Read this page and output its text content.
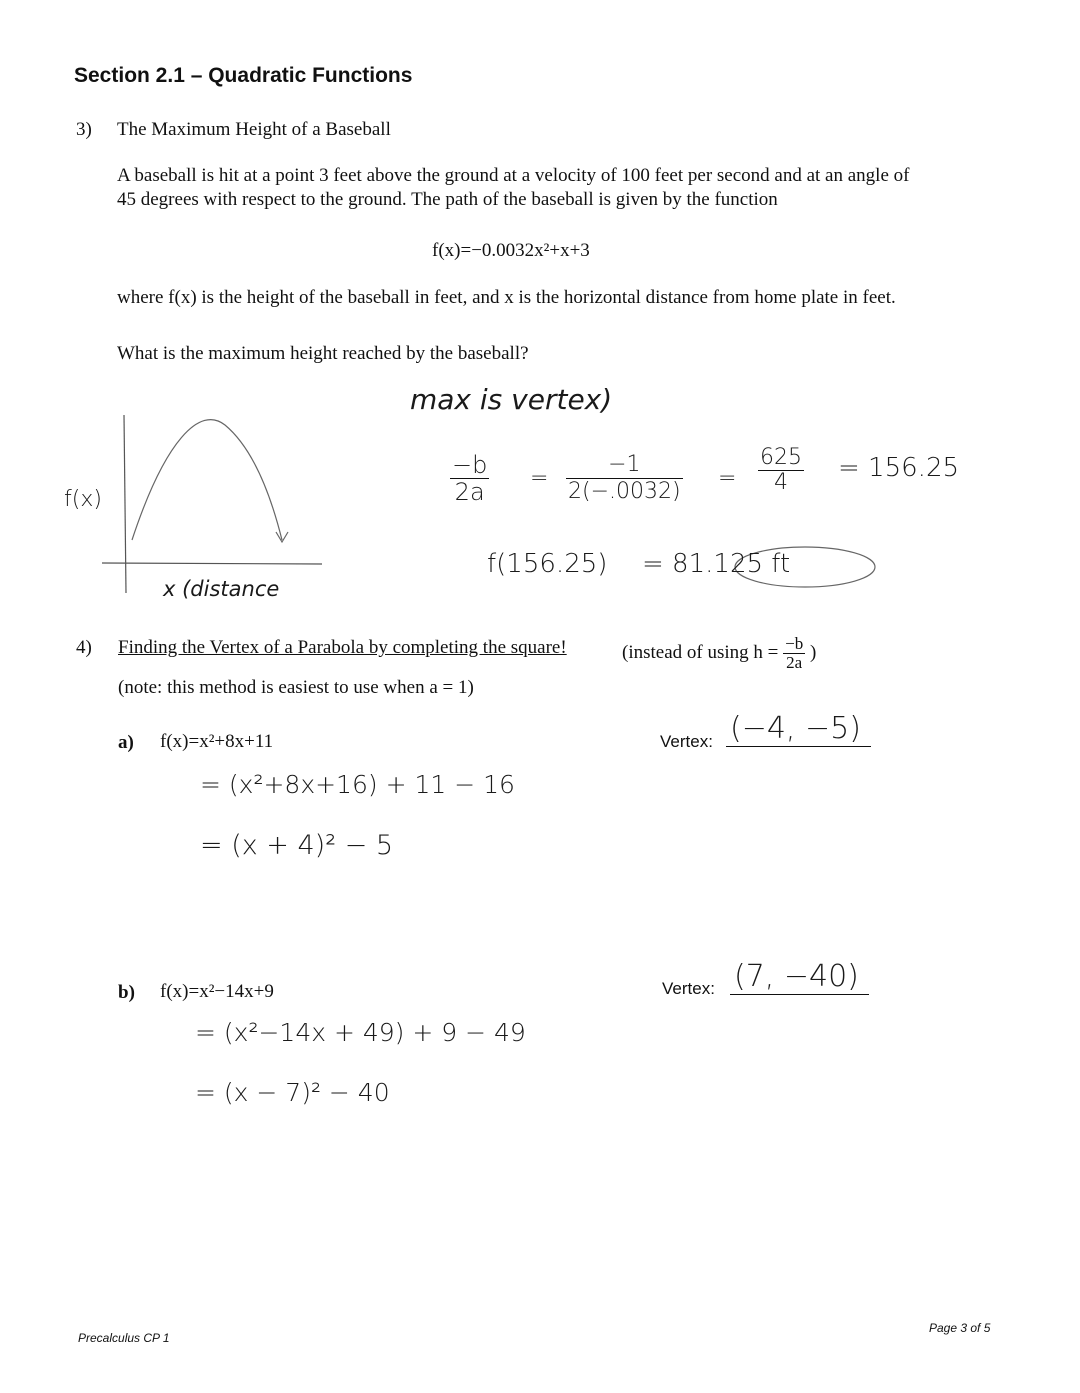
Section 2.1 – Quadratic Functions
3) The Maximum Height of a Baseball
A baseball is hit at a point 3 feet above the ground at a velocity of 100 feet per second and at an angle of
45 degrees with respect to the ground. The path of the baseball is given by the function
f(x)=−0.0032x²+x+3
where f(x) is the height of the baseball in feet, and x is the horizontal distance from home plate in feet.
What is the maximum height reached by the baseball?
max is vertex)
f(x)
x (distance
$\frac{-b}{2a} = \frac{-1}{2(-.0032)} = \frac{625}{4} = 156.25$
f(156.25) = 81.125 ft
4) Finding the Vertex of a Parabola by completing the square!	(instead of using $h = \frac{-b}{2a}$ )
(note: this method is easiest to use when a = 1)
a) f(x)=x²+8x+11	Vertex: (−4, −5)
= (x²+8x+16) + 11 − 16
= (x + 4)² − 5
b) f(x)=x²−14x+9	Vertex: (7, −40)
= (x²−14x + 49) + 9 − 49
= (x − 7)² − 40
Precalculus CP 1
Page 3 of 5
